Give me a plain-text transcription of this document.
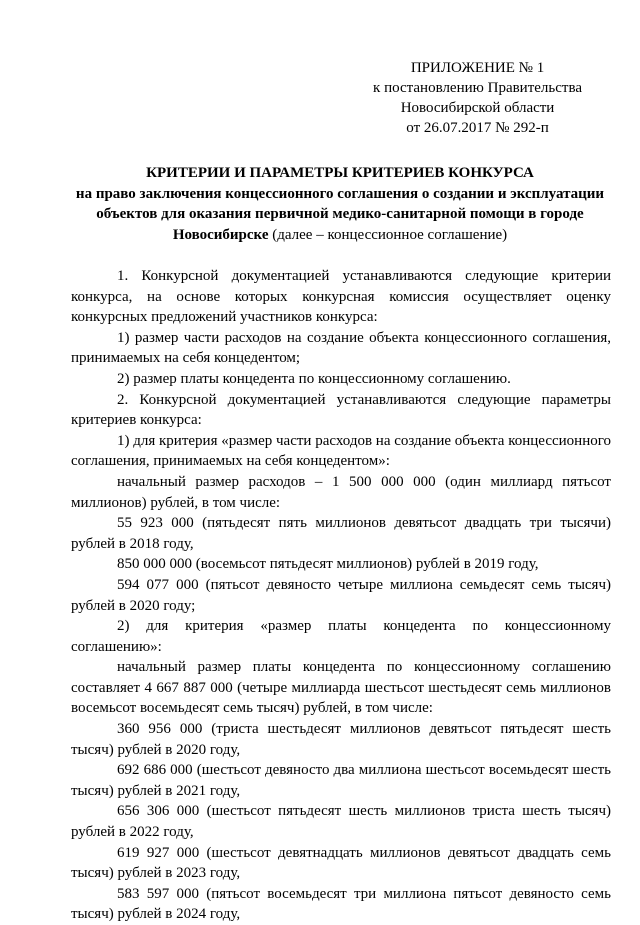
ПРИЛОЖЕНИЕ № 1
к постановлению Правительства
Новосибирской области
от 26.07.2017 № 292-п
КРИТЕРИИ И ПАРАМЕТРЫ КРИТЕРИЕВ КОНКУРСА
на право заключения концессионного соглашения о создании и эксплуатации объектов для оказания первичной медико-санитарной помощи в городе Новосибирске (далее – концессионное соглашение)

1. Конкурсной документацией устанавливаются следующие критерии конкурса, на основе которых конкурсная комиссия осуществляет оценку конкурсных предложений участников конкурса:

1) размер части расходов на создание объекта концессионного соглашения, принимаемых на себя концедентом;

2) размер платы концедента по концессионному соглашению.

2. Конкурсной документацией устанавливаются следующие параметры критериев конкурса:

1) для критерия «размер части расходов на создание объекта концессионного соглашения, принимаемых на себя концедентом»:

начальный размер расходов – 1 500 000 000 (один миллиард пятьсот миллионов) рублей, в том числе:

55 923 000 (пятьдесят пять миллионов девятьсот двадцать три тысячи) рублей в 2018 году,

850 000 000 (восемьсот пятьдесят миллионов) рублей в 2019 году,

594 077 000 (пятьсот девяносто четыре миллиона семьдесят семь тысяч) рублей в 2020 году;

2) для критерия «размер платы концедента по концессионному соглашению»:

начальный размер платы концедента по концессионному соглашению составляет 4 667 887 000 (четыре миллиарда шестьсот шестьдесят семь миллионов восемьсот восемьдесят семь тысяч) рублей, в том числе:

360 956 000 (триста шестьдесят миллионов девятьсот пятьдесят шесть тысяч) рублей в 2020 году,

692 686 000 (шестьсот девяносто два миллиона шестьсот восемьдесят шесть тысяч) рублей в 2021 году,

656 306 000 (шестьсот пятьдесят шесть миллионов триста шесть тысяч) рублей в 2022 году,

619 927 000 (шестьсот девятнадцать миллионов девятьсот двадцать семь тысяч) рублей в 2023 году,

583 597 000 (пятьсот восемьдесят три миллиона пятьсот девяносто семь тысяч) рублей в 2024 году,
